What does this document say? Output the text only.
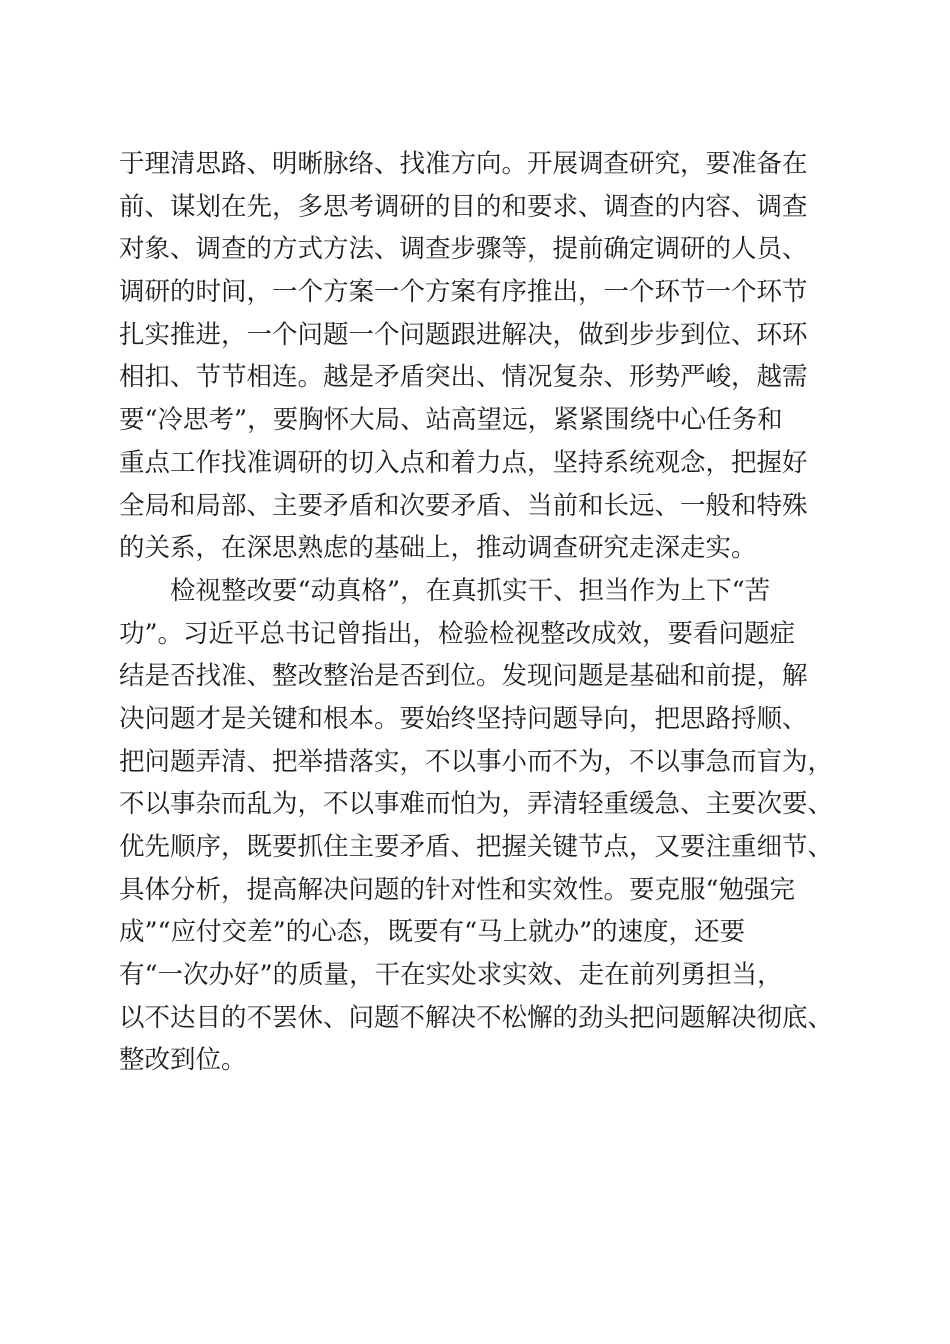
于理清思路、明晰脉络、找准方向。开展调查研究，要准备在
前、谋划在先，多思考调研的目的和要求、调查的内容、调查
对象、调查的方式方法、调查步骤等，提前确定调研的人员、
调研的时间，一个方案一个方案有序推出，一个环节一个环节
扎实推进，一个问题一个问题跟进解决，做到步步到位、环环
相扣、节节相连。越是矛盾突出、情况复杂、形势严峻，越需
要“冷思考”，要胸怀大局、站高望远，紧紧围绕中心任务和
重点工作找准调研的切入点和着力点，坚持系统观念，把握好
全局和局部、主要矛盾和次要矛盾、当前和长远、一般和特殊
的关系，在深思熟虑的基础上，推动调查研究走深走实。
检视整改要“动真格”，在真抓实干、担当作为上下“苦
功”。习近平总书记曾指出，检验检视整改成效，要看问题症
结是否找准、整改整治是否到位。发现问题是基础和前提，解
决问题才是关键和根本。要始终坚持问题导向，把思路捋顺、
把问题弄清、把举措落实，不以事小而不为，不以事急而盲为，
不以事杂而乱为，不以事难而怕为，弄清轻重缓急、主要次要、
优先顺序，既要抓住主要矛盾、把握关键节点，又要注重细节、
具体分析，提高解决问题的针对性和实效性。要克服“勉强完
成”“应付交差”的心态，既要有“马上就办”的速度，还要
有“一次办好”的质量，干在实处求实效、走在前列勇担当，
以不达目的不罢休、问题不解决不松懈的劲头把问题解决彻底、
整改到位。
